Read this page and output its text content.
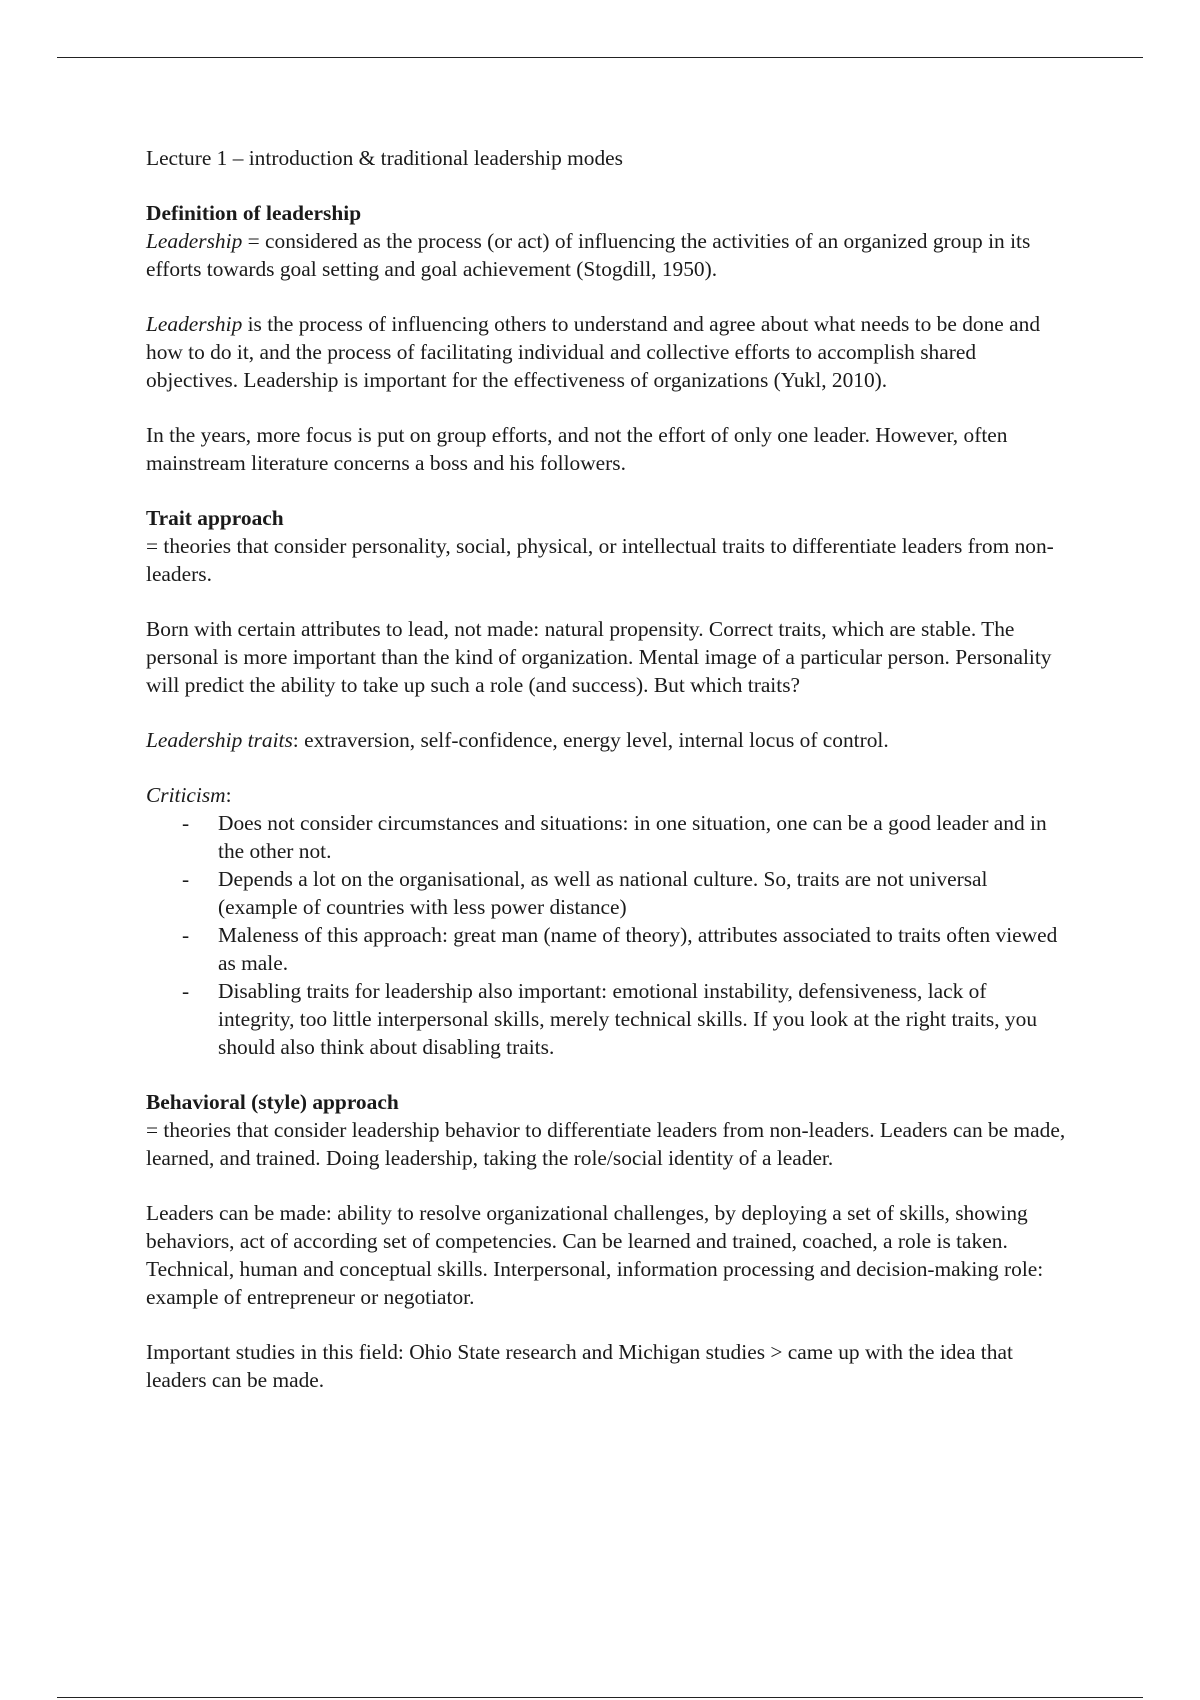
Lecture 1 – introduction & traditional leadership modes

Definition of leadership

Leadership = considered as the process (or act) of influencing the activities of an organized group in its efforts towards goal setting and goal achievement (Stogdill, 1950).

Leadership is the process of influencing others to understand and agree about what needs to be done and how to do it, and the process of facilitating individual and collective efforts to accomplish shared objectives. Leadership is important for the effectiveness of organizations (Yukl, 2010).

In the years, more focus is put on group efforts, and not the effort of only one leader. However, often mainstream literature concerns a boss and his followers.

Trait approach

= theories that consider personality, social, physical, or intellectual traits to differentiate leaders from non-leaders.

Born with certain attributes to lead, not made: natural propensity. Correct traits, which are stable. The personal is more important than the kind of organization. Mental image of a particular person. Personality will predict the ability to take up such a role (and success). But which traits?

Leadership traits: extraversion, self-confidence, energy level, internal locus of control.

Criticism:

- Does not consider circumstances and situations: in one situation, one can be a good leader and in the other not.
- Depends a lot on the organisational, as well as national culture. So, traits are not universal (example of countries with less power distance)
- Maleness of this approach: great man (name of theory), attributes associated to traits often viewed as male.
- Disabling traits for leadership also important: emotional instability, defensiveness, lack of integrity, too little interpersonal skills, merely technical skills. If you look at the right traits, you should also think about disabling traits.

Behavioral (style) approach

= theories that consider leadership behavior to differentiate leaders from non-leaders. Leaders can be made, learned, and trained. Doing leadership, taking the role/social identity of a leader.

Leaders can be made: ability to resolve organizational challenges, by deploying a set of skills, showing behaviors, act of according set of competencies. Can be learned and trained, coached, a role is taken. Technical, human and conceptual skills. Interpersonal, information processing and decision-making role: example of entrepreneur or negotiator.

Important studies in this field: Ohio State research and Michigan studies > came up with the idea that leaders can be made.
